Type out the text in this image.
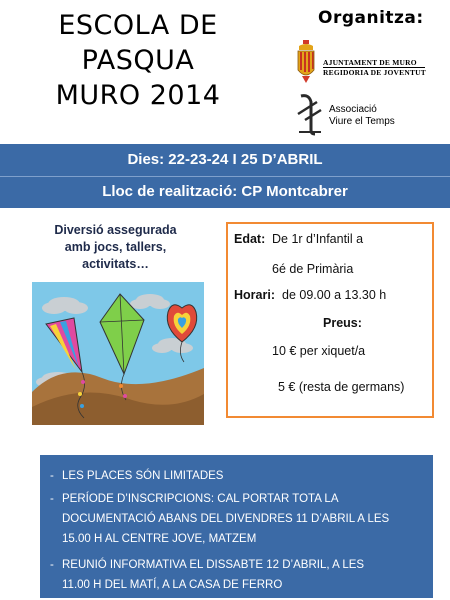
ESCOLA DE
PASQUA
MURO 2014
Organitza:
AJUNTAMENT DE MURO
REGIDORIA DE JOVENTUT
Associació
Viure el Temps
Dies: 22-23-24 I 25 D’ABRIL
Lloc de realització: CP Montcabrer
Diversió assegurada
amb jocs, tallers,
activitats…
Edat: De 1r d’Infantil a
6é de Primària
Horari: de 09.00 a 13.30 h
Preus:
10 € per xiquet/a
5 € (resta de germans)
- LES PLACES SÓN LIMITADES
- PERÍODE D’INSCRIPCIONS: CAL PORTAR TOTA LA
DOCUMENTACIÓ ABANS DEL DIVENDRES 11 D’ABRIL A LES
15.00 H AL CENTRE JOVE, MATZEM
- REUNIÓ INFORMATIVA EL DISSABTE 12 D’ABRIL, A LES
11.00 H DEL MATÍ, A LA CASA DE FERRO
